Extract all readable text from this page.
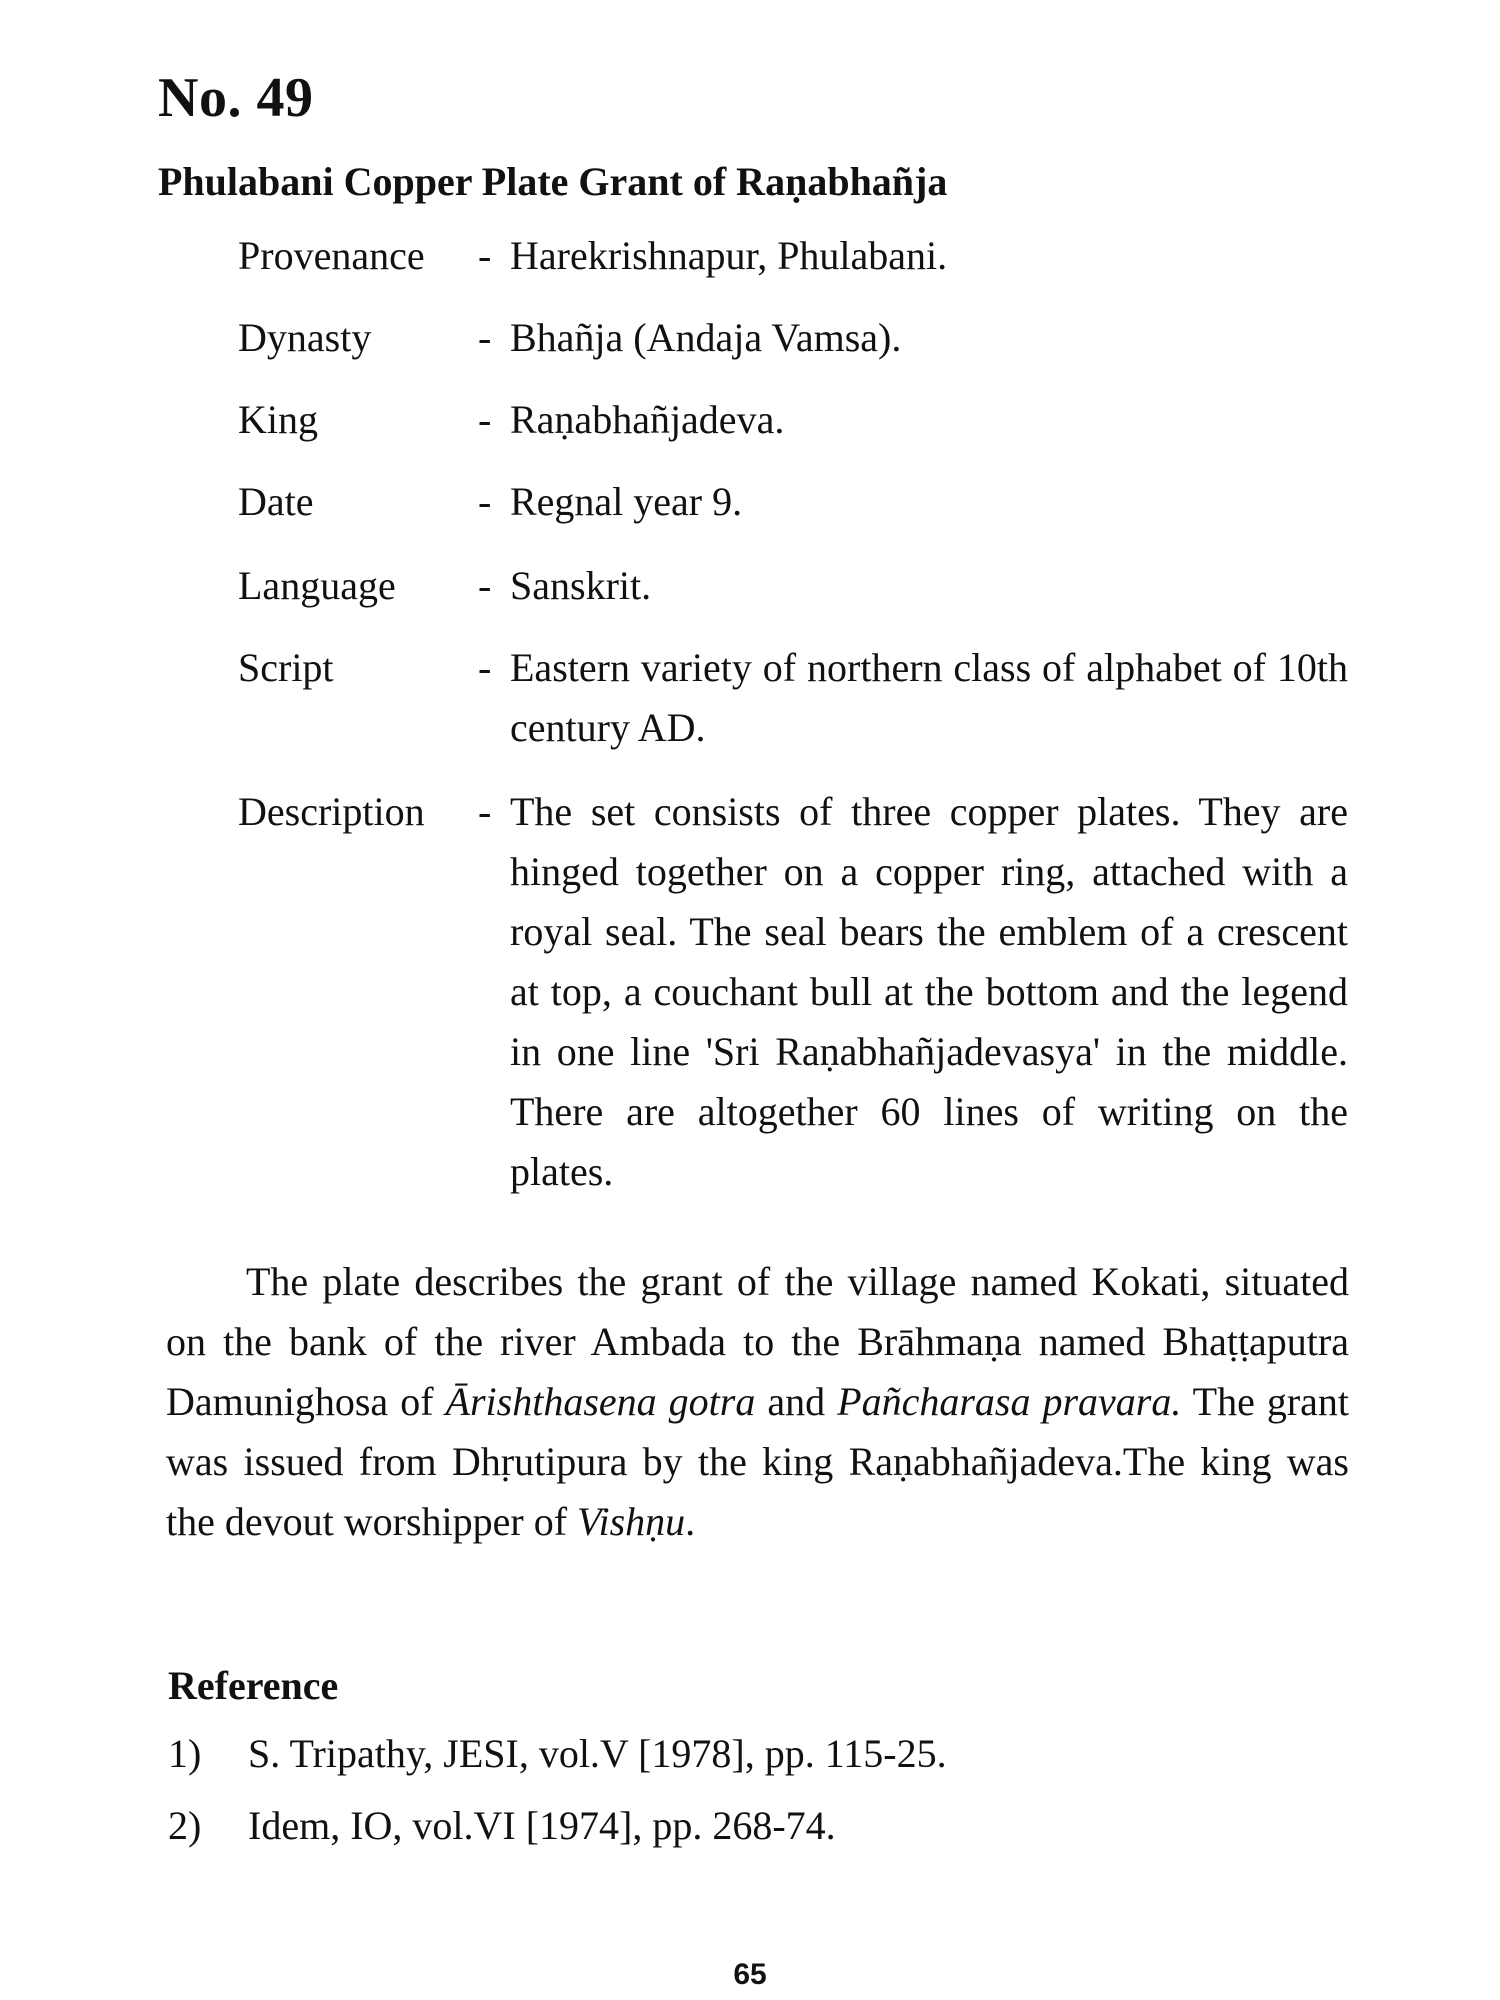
No. 49
Phulabani Copper Plate Grant of Raṇabhañja
Provenance - Harekrishnapur, Phulabani.
Dynasty	- Bhañja (Andaja Vamsa).
King	- Raṇabhañjadeva.
Date	- Regnal year 9.
Language - Sanskrit.
Script	- Eastern variety of northern class of alphabet of 10th century AD.
Description - The set consists of three copper plates. They are hinged together on a copper ring, attached with a royal seal. The seal bears the emblem of a crescent at top, a couchant bull at the bottom and the legend in one line 'Sri Raṇabhañjadevasya' in the middle. There are altogether 60 lines of writing on the plates.

The plate describes the grant of the village named Kokati, situated on the bank of the river Ambada to the Brāhmaṇa named Bhaṭṭaputra Damunighosa of Ārishthasena gotra and Pañcharasa pravara. The grant was issued from Dhṛutipura by the king Raṇabhañjadeva.The king was the devout worshipper of Vishṇu.

Reference
1) S. Tripathy, JESI, vol.V [1978], pp. 115-25.
2) Idem, IO, vol.VI [1974], pp. 268-74.
65
